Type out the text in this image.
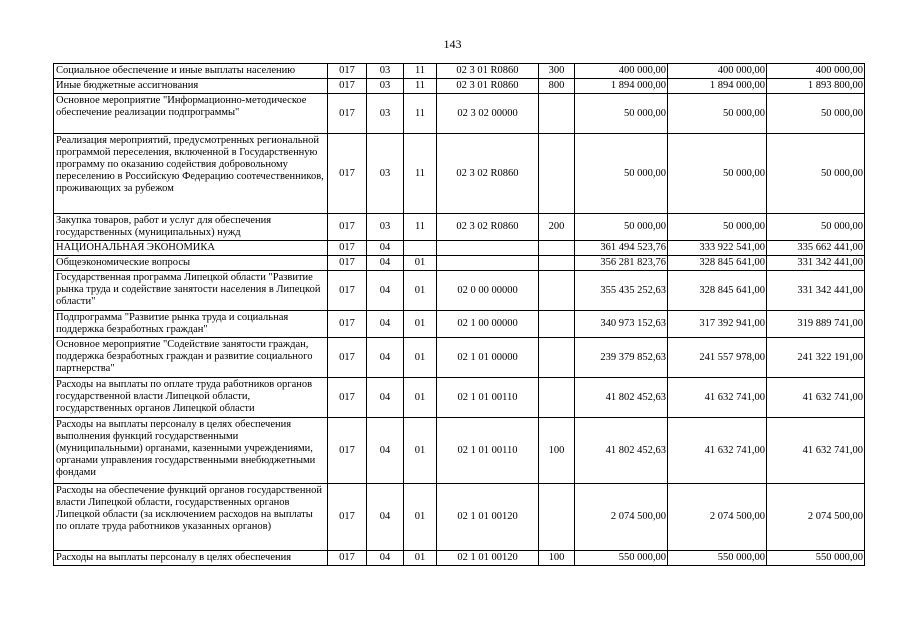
143
Социальное обеспечение и иные выплаты населению	017	03	11	02 3 01 R0860	300	400 000,00	400 000,00	400 000,00
Иные бюджетные ассигнования	017	03	11	02 3 01 R0860	800	1 894 000,00	1 894 000,00	1 893 800,00
Основное мероприятие "Информационно-методическое обеспечение реализации подпрограммы"	017	03	11	02 3 02 00000		50 000,00	50 000,00	50 000,00
Реализация мероприятий, предусмотренных региональной программой переселения, включенной в Государственную программу по оказанию содействия добровольному переселению в Российскую Федерацию соотечественников, проживающих за рубежом	017	03	11	02 3 02 R0860		50 000,00	50 000,00	50 000,00
Закупка товаров, работ и услуг для обеспечения государственных (муниципальных) нужд	017	03	11	02 3 02 R0860	200	50 000,00	50 000,00	50 000,00
НАЦИОНАЛЬНАЯ ЭКОНОМИКА	017	04				361 494 523,76	333 922 541,00	335 662 441,00
Общеэкономические вопросы	017	04	01			356 281 823,76	328 845 641,00	331 342 441,00
Государственная программа Липецкой области "Развитие рынка труда и содействие занятости населения в Липецкой области"	017	04	01	02 0 00 00000		355 435 252,63	328 845 641,00	331 342 441,00
Подпрограмма "Развитие рынка труда и социальная поддержка безработных граждан"	017	04	01	02 1 00 00000		340 973 152,63	317 392 941,00	319 889 741,00
Основное мероприятие "Содействие занятости граждан, поддержка безработных граждан и развитие социального партнерства"	017	04	01	02 1 01 00000		239 379 852,63	241 557 978,00	241 322 191,00
Расходы на выплаты по оплате труда работников органов государственной власти Липецкой области, государственных органов Липецкой области	017	04	01	02 1 01 00110		41 802 452,63	41 632 741,00	41 632 741,00
Расходы на выплаты персоналу в целях обеспечения выполнения функций государственными (муниципальными) органами, казенными учреждениями, органами управления государственными внебюджетными фондами	017	04	01	02 1 01 00110	100	41 802 452,63	41 632 741,00	41 632 741,00
Расходы на обеспечение функций органов государственной власти Липецкой области, государственных органов Липецкой области (за исключением расходов на выплаты по оплате труда работников указанных органов)	017	04	01	02 1 01 00120		2 074 500,00	2 074 500,00	2 074 500,00
Расходы на выплаты персоналу в целях обеспечения	017	04	01	02 1 01 00120	100	550 000,00	550 000,00	550 000,00
